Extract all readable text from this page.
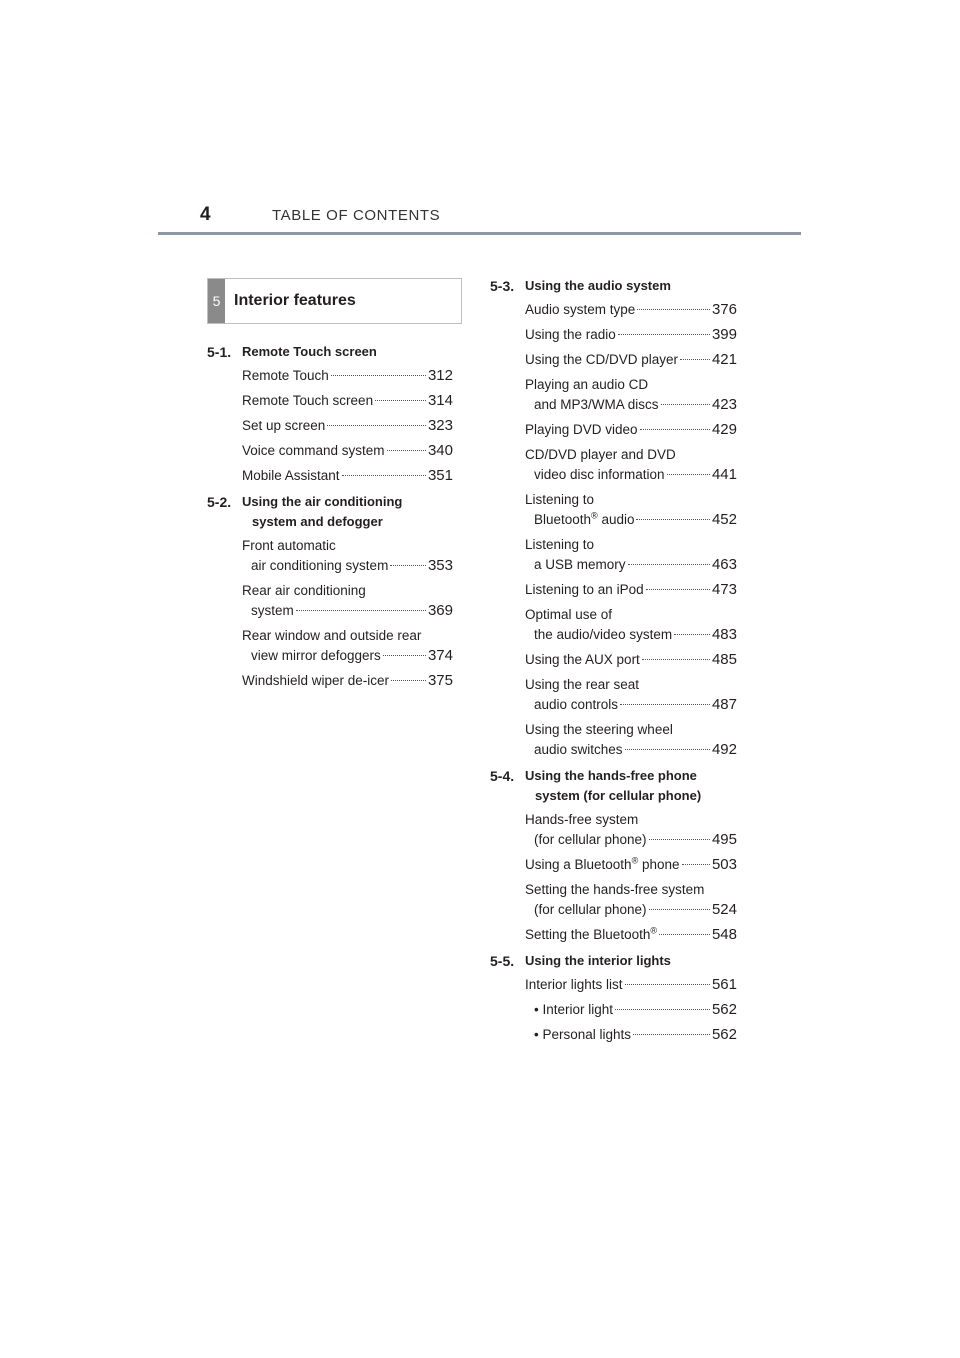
4	TABLE OF CONTENTS
5 Interior features
5-1. Remote Touch screen
Remote Touch	312
Remote Touch screen	314
Set up screen	323
Voice command system	340
Mobile Assistant	351
5-2. Using the air conditioning
system and defogger
Front automatic
air conditioning system	353
Rear air conditioning
system	369
Rear window and outside rear
view mirror defoggers	374
Windshield wiper de-icer	375
5-3. Using the audio system
Audio system type	376
Using the radio	399
Using the CD/DVD player 421
Playing an audio CD
and MP3/WMA discs	423
Playing DVD video	429
CD/DVD player and DVD
video disc information	441
Listening to
Bluetooth® audio	452
Listening to
a USB memory	463
Listening to an iPod	473
Optimal use of
the audio/video system	483
Using the AUX port	485
Using the rear seat
audio controls	487
Using the steering wheel
audio switches	492
5-4. Using the hands-free phone
system (for cellular phone)
Hands-free system
(for cellular phone)	495
Using a Bluetooth® phone 503
Setting the hands-free system
(for cellular phone)	524
Setting the Bluetooth®	548
5-5. Using the interior lights
Interior lights list	561
• Interior light	562
• Personal lights	562
